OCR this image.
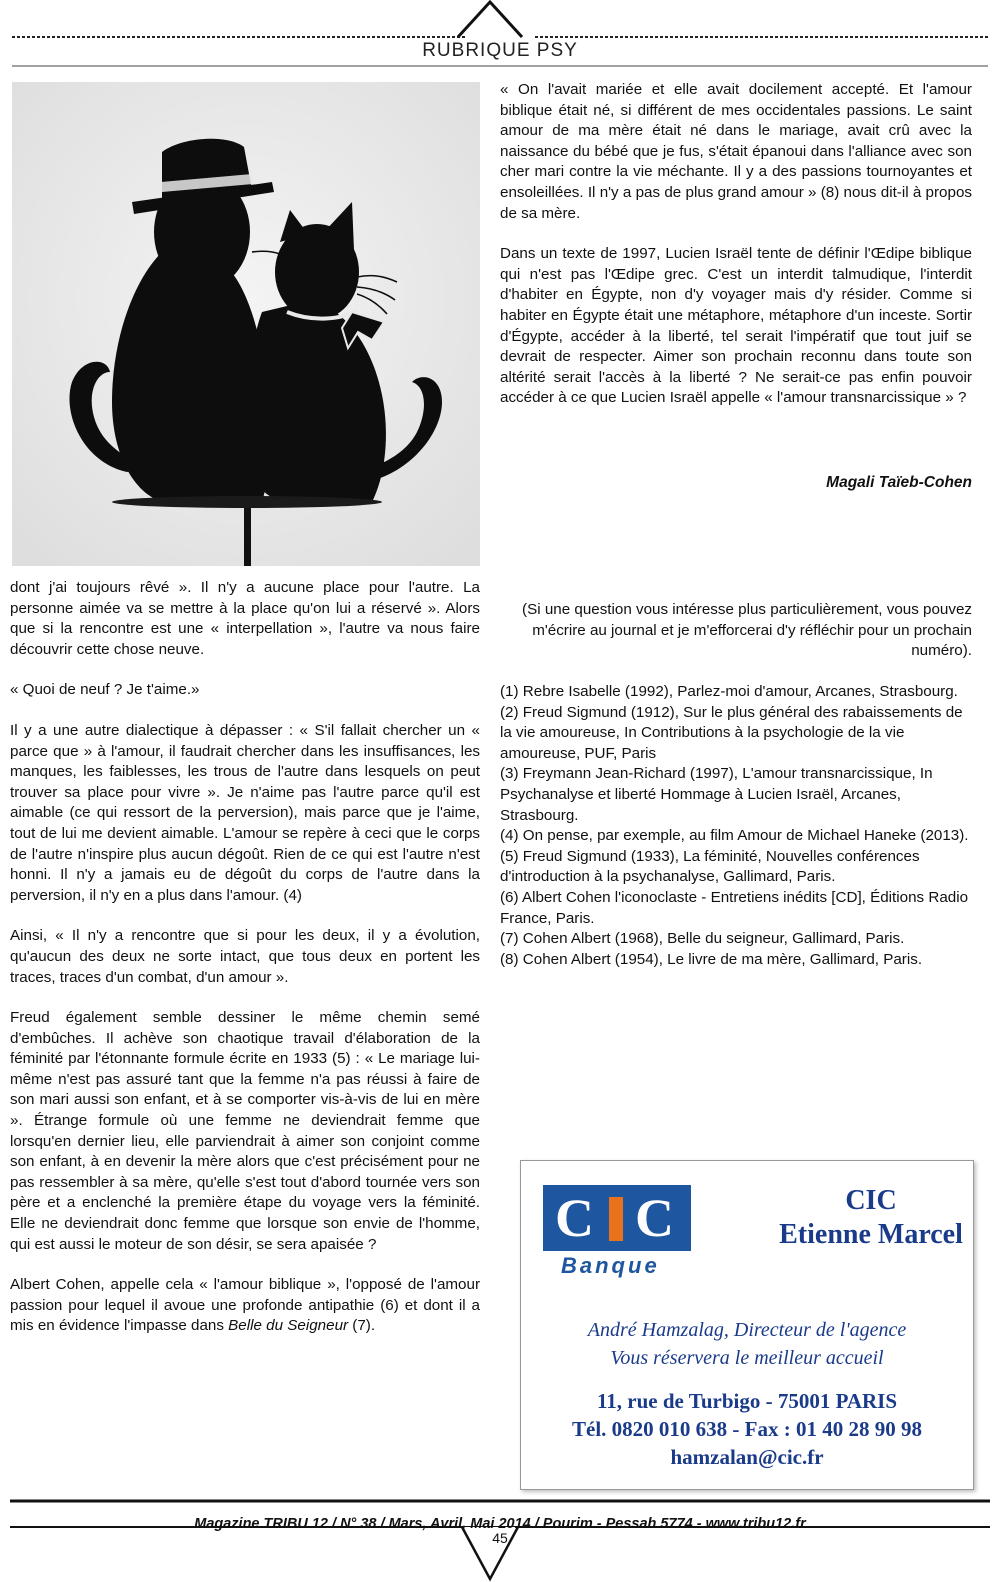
RUBRIQUE PSY

« On l'avait mariée et elle avait docilement accepté. Et l'amour biblique était né, si différent de mes occidentales passions. Le saint amour de ma mère était né dans le mariage, avait crû avec la naissance du bébé que je fus, s'était épanoui dans l'alliance avec son cher mari contre la vie méchante. Il y a des passions tournoyantes et ensoleillées. Il n'y a pas de plus grand amour » (8) nous dit-il à propos de sa mère.

Dans un texte de 1997, Lucien Israël tente de définir l'Œdipe biblique qui n'est pas l'Œdipe grec. C'est un interdit talmudique, l'interdit d'habiter en Égypte, non d'y voyager mais d'y résider. Comme si habiter en Égypte était une métaphore, métaphore d'un inceste. Sortir d'Égypte, accéder à la liberté, tel serait l'impératif que tout juif se devrait de respecter. Aimer son prochain reconnu dans toute son altérité serait l'accès à la liberté ? Ne serait-ce pas enfin pouvoir accéder à ce que Lucien Israël appelle « l'amour transnarcissique » ?

Magali Taïeb-Cohen

dont j'ai toujours rêvé ». Il n'y a aucune place pour l'autre. La personne aimée va se mettre à la place qu'on lui a réservé ». Alors que si la rencontre est une « interpellation », l'autre va nous faire découvrir cette chose neuve.

« Quoi de neuf ? Je t'aime.»

Il y a une autre dialectique à dépasser : « S'il fallait chercher un « parce que » à l'amour, il faudrait chercher dans les insuffisances, les manques, les faiblesses, les trous de l'autre dans lesquels on peut trouver sa place pour vivre ». Je n'aime pas l'autre parce qu'il est aimable (ce qui ressort de la perversion), mais parce que je l'aime, tout de lui me devient aimable. L'amour se repère à ceci que le corps de l'autre n'inspire plus aucun dégoût. Rien de ce qui est l'autre n'est honni. Il n'y a jamais eu de dégoût du corps de l'autre dans la perversion, il n'y en a plus dans l'amour. (4)

Ainsi, « Il n'y a rencontre que si pour les deux, il y a évolution, qu'aucun des deux ne sorte intact, que tous deux en portent les traces, traces d'un combat, d'un amour ».

Freud également semble dessiner le même chemin semé d'embûches. Il achève son chaotique travail d'élaboration de la féminité par l'étonnante formule écrite en 1933 (5) : « Le mariage lui-même n'est pas assuré tant que la femme n'a pas réussi à faire de son mari aussi son enfant, et à se comporter vis-à-vis de lui en mère ». Étrange formule où une femme ne deviendrait femme que lorsqu'en dernier lieu, elle parviendrait à aimer son conjoint comme son enfant, à en devenir la mère alors que c'est précisément pour ne pas ressembler à sa mère, qu'elle s'est tout d'abord tournée vers son père et a enclenché la première étape du voyage vers la féminité. Elle ne deviendrait donc femme que lorsque son envie de l'homme, qui est aussi le moteur de son désir, se sera apaisée ?

Albert Cohen, appelle cela « l'amour biblique », l'opposé de l'amour passion pour lequel il avoue une profonde antipathie (6) et dont il a mis en évidence l'impasse dans Belle du Seigneur (7).

(Si une question vous intéresse plus particulièrement, vous pouvez m'écrire au journal et je m'efforcerai d'y réfléchir pour un prochain numéro).
(1) Rebre Isabelle (1992), Parlez-moi d'amour, Arcanes, Strasbourg.
(2) Freud Sigmund (1912), Sur le plus général des rabaissements de la vie amoureuse, In Contributions à la psychologie de la vie amoureuse, PUF, Paris
(3) Freymann Jean-Richard (1997), L'amour transnarcissique, In Psychanalyse et liberté Hommage à Lucien Israël, Arcanes, Strasbourg.
(4) On pense, par exemple, au film Amour de Michael Haneke (2013).
(5) Freud Sigmund (1933), La féminité, Nouvelles conférences d'introduction à la psychanalyse, Gallimard, Paris.
(6) Albert Cohen l'iconoclaste - Entretiens inédits [CD], Éditions Radio France, Paris.
(7) Cohen Albert (1968), Belle du seigneur, Gallimard, Paris.
(8) Cohen Albert (1954), Le livre de ma mère, Gallimard, Paris.
C C
Banque
CIC
Etienne Marcel
André Hamzalag, Directeur de l'agence
Vous réservera le meilleur accueil
11, rue de Turbigo - 75001 PARIS
Tél. 0820 010 638 - Fax : 01 40 28 90 98
hamzalan@cic.fr
Magazine TRIBU 12 / N° 38 / Mars, Avril, Mai 2014 / Pourim - Pessah 5774 - www.tribu12.fr
45
